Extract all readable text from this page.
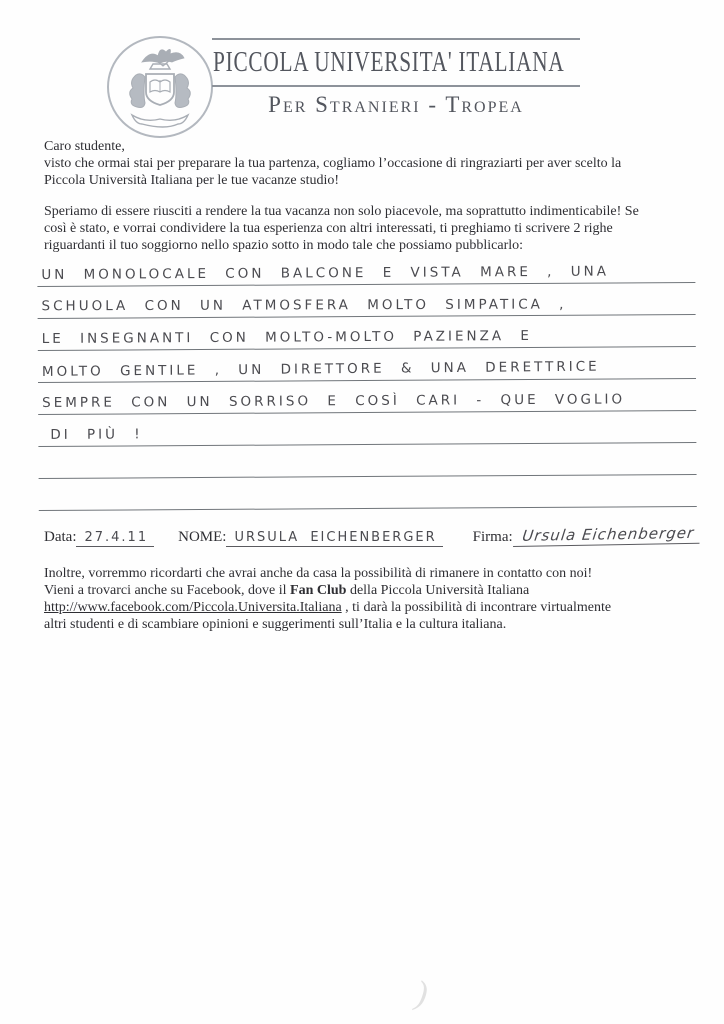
PICCOLA UNIVERSITA' ITALIANA
Per Stranieri - Tropea
Caro studente,
visto che ormai stai per preparare la tua partenza, cogliamo l’occasione di ringraziarti per aver scelto la
Piccola Università Italiana per le tue vacanze studio!
Speriamo di essere riusciti a rendere la tua vacanza non solo piacevole, ma soprattutto indimenticabile! Se
così è stato, e vorrai condividere la tua esperienza con altri interessati, ti preghiamo ti scrivere 2 righe
riguardanti il tuo soggiorno nello spazio sotto in modo tale che possiamo pubblicarlo:
UN MONOLOCALE CON BALCONE E VISTA MARE , UNA
SCHUOLA CON UN ATMOSFERA MOLTO SIMPATICA ,
LE INSEGNANTI CON MOLTO-MOLTO PAZIENZA E
MOLTO GENTILE , UN DIRETTORE & UNA DERETTRICE
SEMPRE CON UN SORRISO E COSÌ CARI - QUE VOGLIO
DI PIÙ !
Data: 27.4.11	NOME: URSULA EICHENBERGER	Firma: Ursula Eichenberger
Inoltre, vorremmo ricordarti che avrai anche da casa la possibilità di rimanere in contatto con noi!
Vieni a trovarci anche su Facebook, dove il Fan Club della Piccola Università Italiana
http://www.facebook.com/Piccola.Universita.Italiana , ti darà la possibilità di incontrare virtualmente
altri studenti e di scambiare opinioni e suggerimenti sull’Italia e la cultura italiana.
)
